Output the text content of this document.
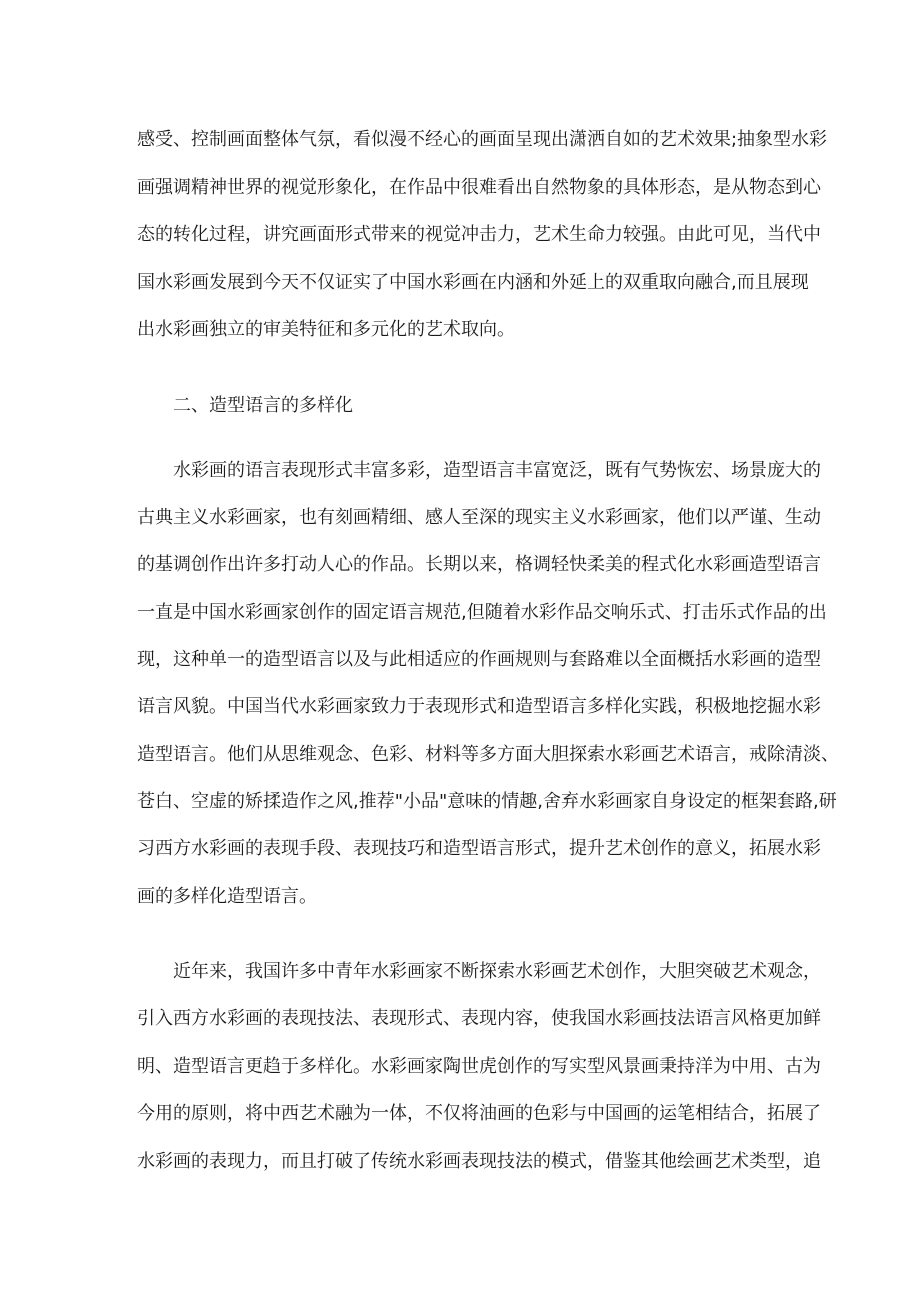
感受、控制画面整体气氛，看似漫不经心的画面呈现出潇洒自如的艺术效果;抽象型水彩
画强调精神世界的视觉形象化，在作品中很难看出自然物象的具体形态，是从物态到心
态的转化过程，讲究画面形式带来的视觉冲击力，艺术生命力较强。由此可见，当代中
国水彩画发展到今天不仅证实了中国水彩画在内涵和外延上的双重取向融合,而且展现
出水彩画独立的审美特征和多元化的艺术取向。
二、造型语言的多样化
水彩画的语言表现形式丰富多彩，造型语言丰富宽泛，既有气势恢宏、场景庞大的
古典主义水彩画家，也有刻画精细、感人至深的现实主义水彩画家，他们以严谨、生动
的基调创作出许多打动人心的作品。长期以来，格调轻快柔美的程式化水彩画造型语言
一直是中国水彩画家创作的固定语言规范,但随着水彩作品交响乐式、打击乐式作品的出
现，这种单一的造型语言以及与此相适应的作画规则与套路难以全面概括水彩画的造型
语言风貌。中国当代水彩画家致力于表现形式和造型语言多样化实践，积极地挖掘水彩
造型语言。他们从思维观念、色彩、材料等多方面大胆探索水彩画艺术语言，戒除清淡、
苍白、空虚的矫揉造作之风,推荐"小品"意味的情趣,舍弃水彩画家自身设定的框架套路,研
习西方水彩画的表现手段、表现技巧和造型语言形式，提升艺术创作的意义，拓展水彩
画的多样化造型语言。
近年来，我国许多中青年水彩画家不断探索水彩画艺术创作，大胆突破艺术观念，
引入西方水彩画的表现技法、表现形式、表现内容，使我国水彩画技法语言风格更加鲜
明、造型语言更趋于多样化。水彩画家陶世虎创作的写实型风景画秉持洋为中用、古为
今用的原则，将中西艺术融为一体，不仅将油画的色彩与中国画的运笔相结合，拓展了
水彩画的表现力，而且打破了传统水彩画表现技法的模式，借鉴其他绘画艺术类型，追
